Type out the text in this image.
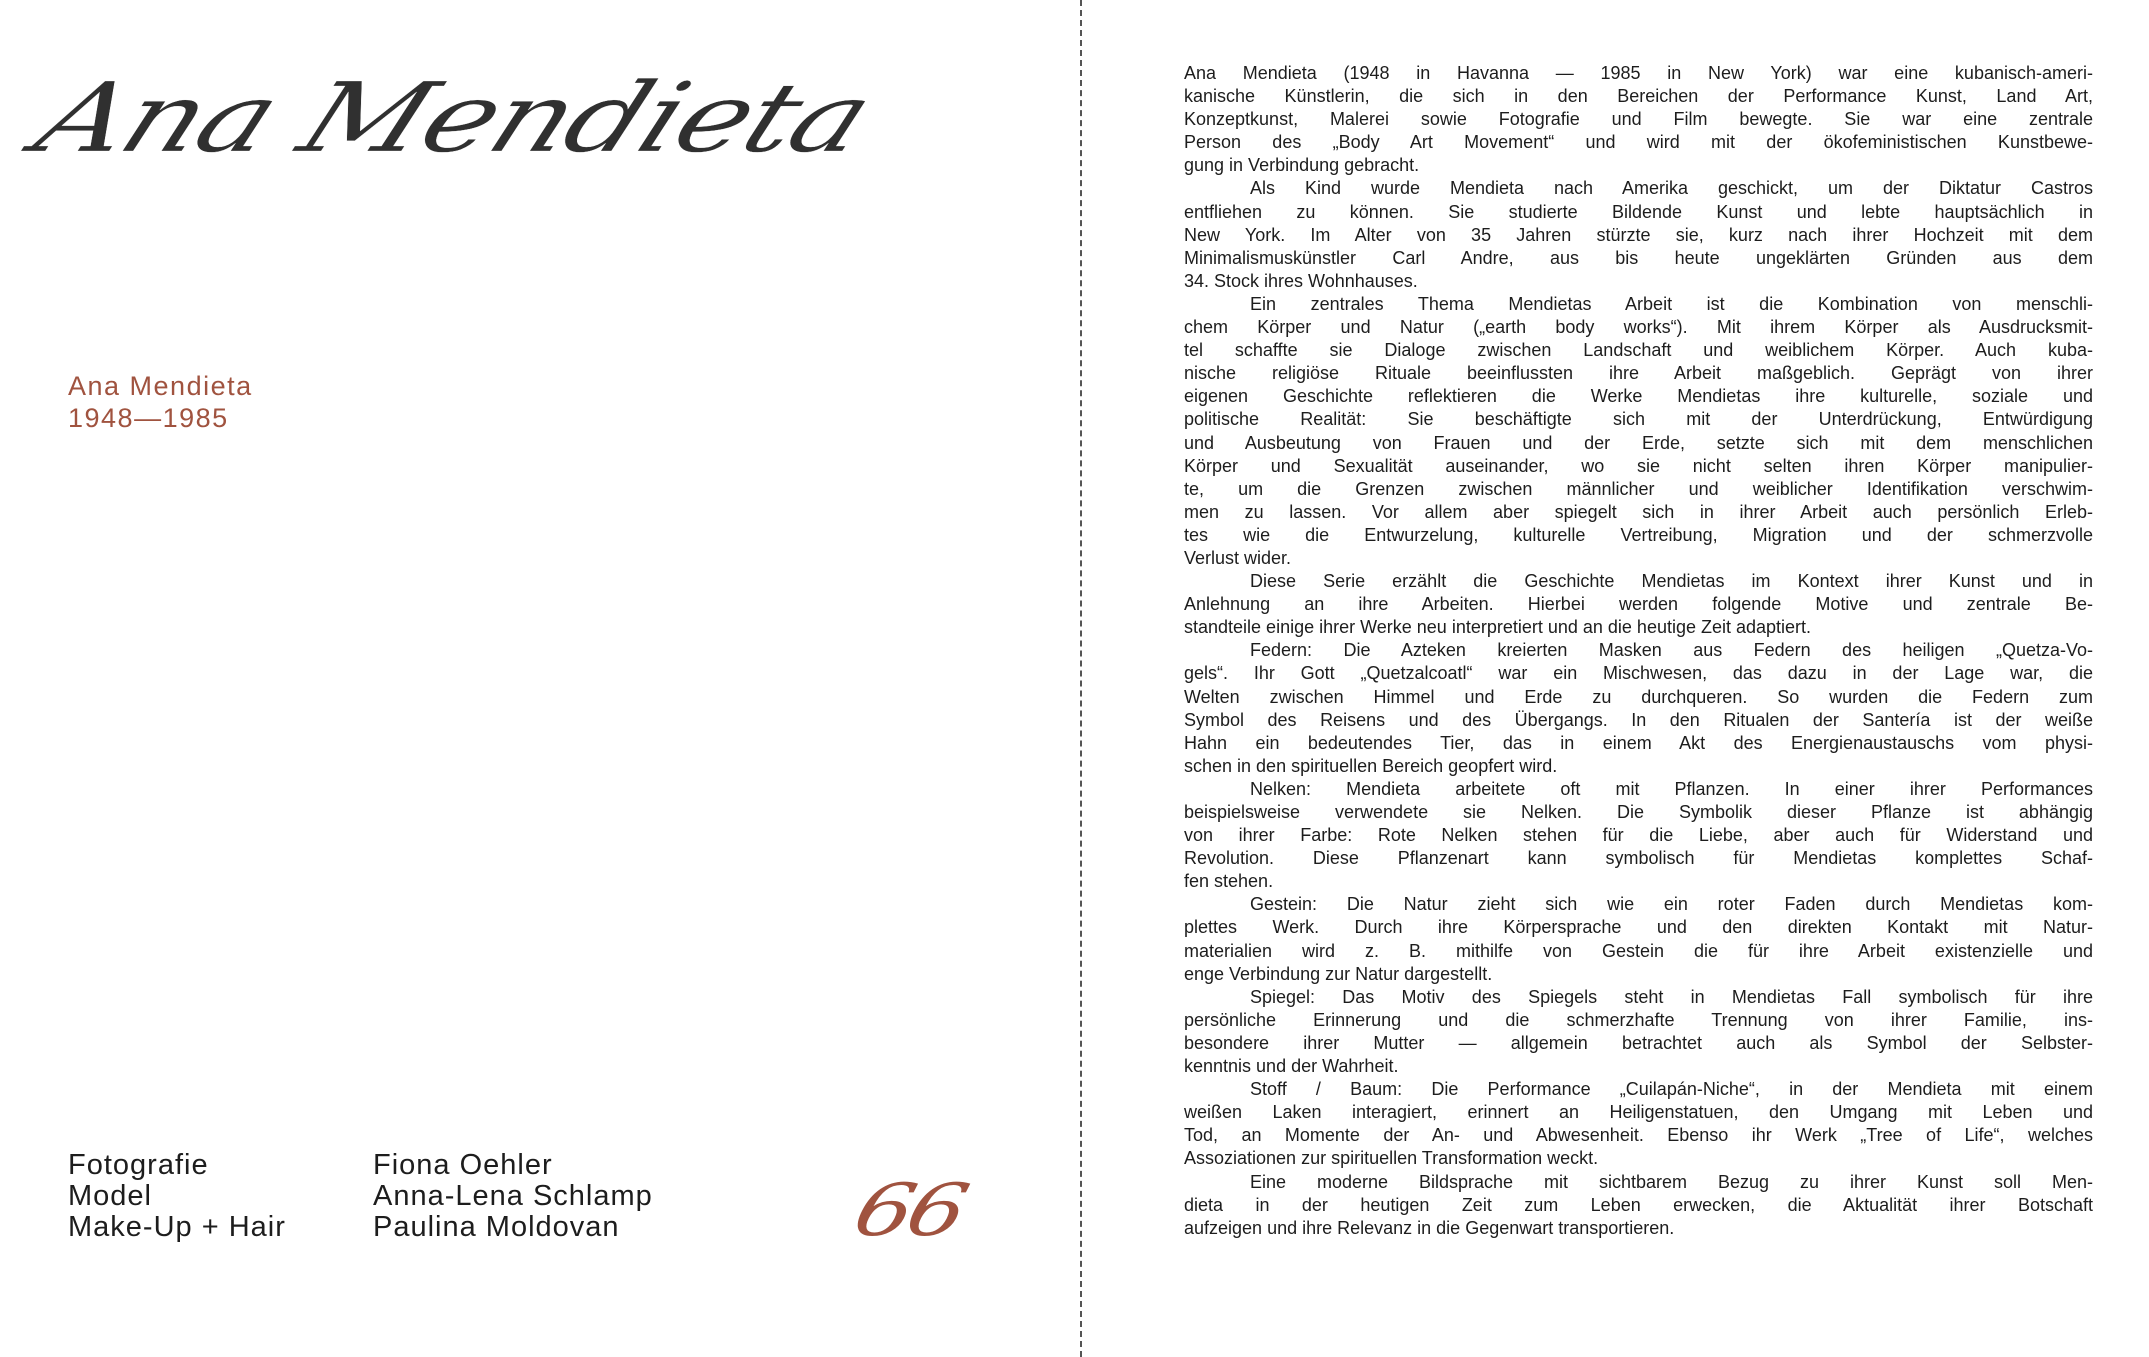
Ana Mendieta
Ana Mendieta
1948—1985
Fotografie
Model
Make-Up + Hair
Fiona Oehler
Anna-Lena Schlamp
Paulina Moldovan	66
Ana Mendieta (1948 in Havanna — 1985 in New York) war eine kubanisch-ameri-
kanische Künstlerin, die sich in den Bereichen der Performance Kunst, Land Art,
Konzeptkunst, Malerei sowie Fotografie und Film bewegte. Sie war eine zentrale
Person des „Body Art Movement“ und wird mit der ökofeministischen Kunstbewe-
gung in Verbindung gebracht.
Als Kind wurde Mendieta nach Amerika geschickt, um der Diktatur Castros
entfliehen zu können. Sie studierte Bildende Kunst und lebte hauptsächlich in
New York. Im Alter von 35 Jahren stürzte sie, kurz nach ihrer Hochzeit mit dem
Minimalismuskünstler Carl Andre, aus bis heute ungeklärten Gründen aus dem
34. Stock ihres Wohnhauses.
Ein zentrales Thema Mendietas Arbeit ist die Kombination von menschli-
chem Körper und Natur („earth body works“). Mit ihrem Körper als Ausdrucksmit-
tel schaffte sie Dialoge zwischen Landschaft und weiblichem Körper. Auch kuba-
nische religiöse Rituale beeinflussten ihre Arbeit maßgeblich. Geprägt von ihrer
eigenen Geschichte reflektieren die Werke Mendietas ihre kulturelle, soziale und
politische Realität: Sie beschäftigte sich mit der Unterdrückung, Entwürdigung
und Ausbeutung von Frauen und der Erde, setzte sich mit dem menschlichen
Körper und Sexualität auseinander, wo sie nicht selten ihren Körper manipulier-
te, um die Grenzen zwischen männlicher und weiblicher Identifikation verschwim-
men zu lassen. Vor allem aber spiegelt sich in ihrer Arbeit auch persönlich Erleb-
tes wie die Entwurzelung, kulturelle Vertreibung, Migration und der schmerzvolle
Verlust wider.
Diese Serie erzählt die Geschichte Mendietas im Kontext ihrer Kunst und in
Anlehnung an ihre Arbeiten. Hierbei werden folgende Motive und zentrale Be-
standteile einige ihrer Werke neu interpretiert und an die heutige Zeit adaptiert.
Federn: Die Azteken kreierten Masken aus Federn des heiligen „Quetza-Vo-
gels“. Ihr Gott „Quetzalcoatl“ war ein Mischwesen, das dazu in der Lage war, die
Welten zwischen Himmel und Erde zu durchqueren. So wurden die Federn zum
Symbol des Reisens und des Übergangs. In den Ritualen der Santería ist der weiße
Hahn ein bedeutendes Tier, das in einem Akt des Energienaustauschs vom physi-
schen in den spirituellen Bereich geopfert wird.
Nelken: Mendieta arbeitete oft mit Pflanzen. In einer ihrer Performances
beispielsweise verwendete sie Nelken. Die Symbolik dieser Pflanze ist abhängig
von ihrer Farbe: Rote Nelken stehen für die Liebe, aber auch für Widerstand und
Revolution. Diese Pflanzenart kann symbolisch für Mendietas komplettes Schaf-
fen stehen.
Gestein: Die Natur zieht sich wie ein roter Faden durch Mendietas kom-
plettes Werk. Durch ihre Körpersprache und den direkten Kontakt mit Natur-
materialien wird z. B. mithilfe von Gestein die für ihre Arbeit existenzielle und
enge Verbindung zur Natur dargestellt.
Spiegel: Das Motiv des Spiegels steht in Mendietas Fall symbolisch für ihre
persönliche Erinnerung und die schmerzhafte Trennung von ihrer Familie, ins-
besondere ihrer Mutter — allgemein betrachtet auch als Symbol der Selbster-
kenntnis und der Wahrheit.
Stoff / Baum: Die Performance „Cuilapán-Niche“, in der Mendieta mit einem
weißen Laken interagiert, erinnert an Heiligenstatuen, den Umgang mit Leben und
Tod, an Momente der An- und Abwesenheit. Ebenso ihr Werk „Tree of Life“, welches
Assoziationen zur spirituellen Transformation weckt.
Eine moderne Bildsprache mit sichtbarem Bezug zu ihrer Kunst soll Men-
dieta in der heutigen Zeit zum Leben erwecken, die Aktualität ihrer Botschaft
aufzeigen und ihre Relevanz in die Gegenwart transportieren.
